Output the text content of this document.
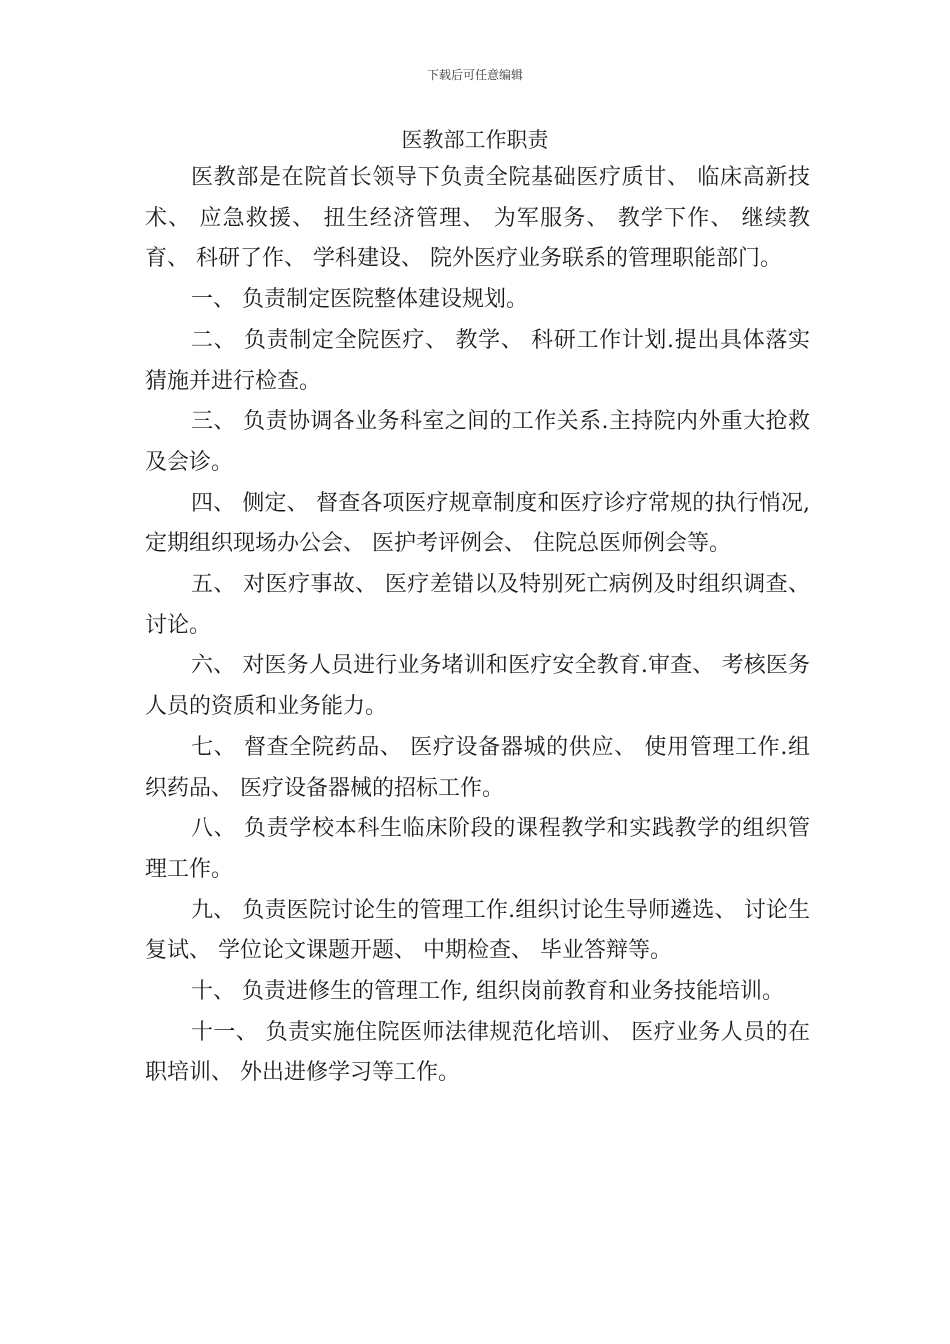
下载后可任意编辑
医教部工作职责

医教部是在院首长领导下负责全院基础医疗质甘、 临床高新技术、 应急救援、 扭生经济管理、 为军服务、 教学下作、 继续教育、 科研了作、 学科建设、 院外医疗业务联系的管理职能部门。

一、 负责制定医院整体建设规划。

二、 负责制定全院医疗、 教学、 科研工作计划.提出具体落实猜施并进行检查。

三、 负责协调各业务科室之间的工作关系.主持院内外重大抢救及会诊。

四、 侧定、 督查各项医疗规章制度和医疗诊疗常规的执行悄况, 定期组织现场办公会、 医护考评例会、 住院总医师例会等。

五、 对医疗事故、 医疗差错以及特别死亡病例及时组织调查、 讨论。

六、 对医务人员进行业务堵训和医疗安全教育.审查、 考核医务人员的资质和业务能力。

七、 督查全院药品、 医疗设备器城的供应、 使用管理工作.组织药品、 医疗设备器械的招标工作。

八、 负责学校本科生临床阶段的课程教学和实践教学的组织管理工作。

九、 负责医院讨论生的管理工作.组织讨论生导师遴选、 讨论生复试、 学位论文课题开题、 中期检查、 毕业答辩等。

十、 负责进修生的管理工作, 组织岗前教育和业务技能培训。

十一、 负责实施住院医师法律规范化培训、 医疗业务人员的在职培训、 外出进修学习等工作。
